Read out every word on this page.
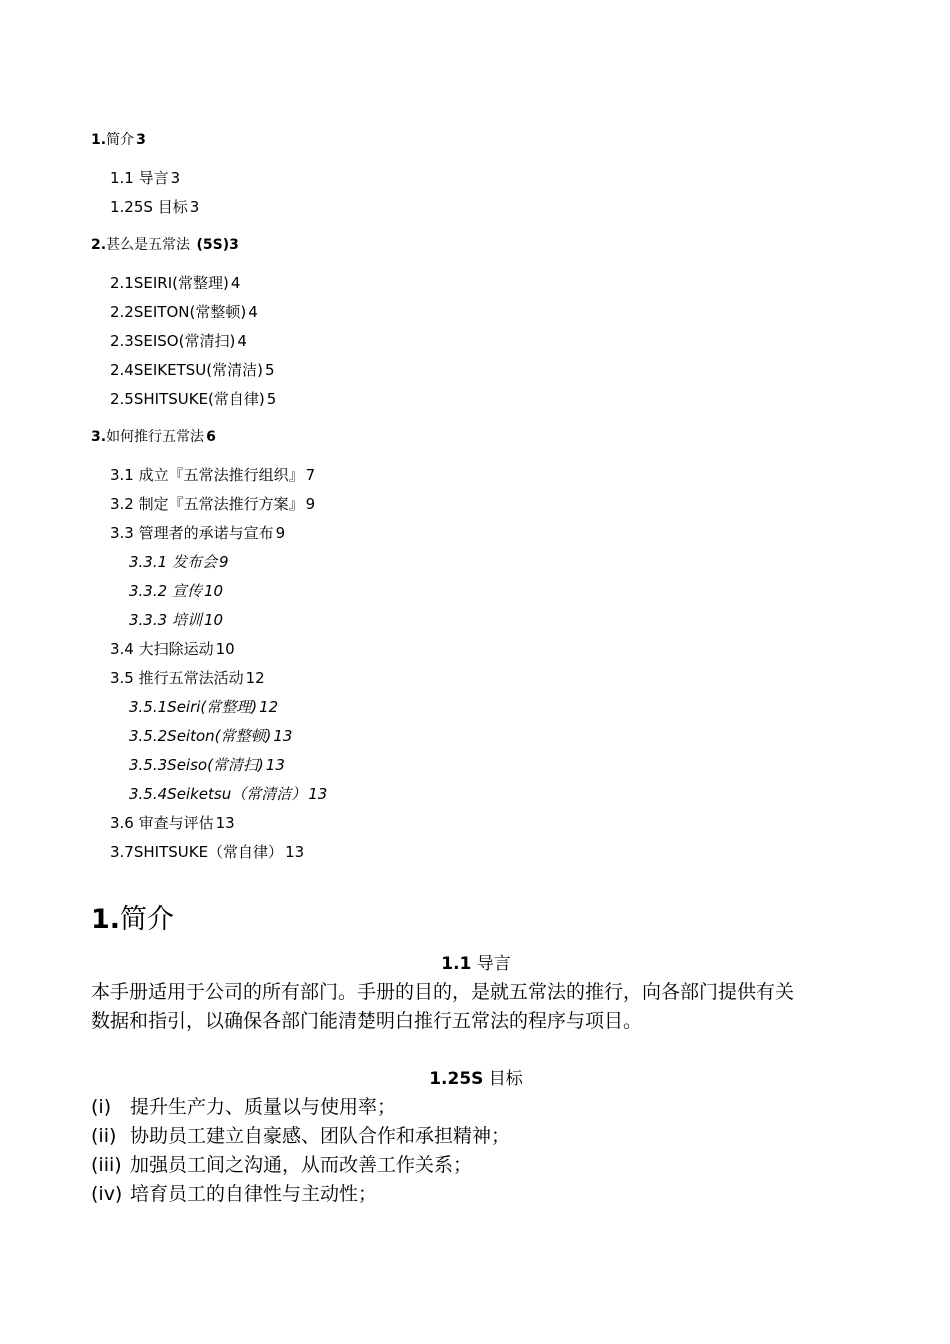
1.简介 3
1.1 导言 3
1.25S 目标 3
2.甚么是五常法 (5S)3
2.1SEIRI(常整理) 4
2.2SEITON(常整顿) 4
2.3SEISO(常清扫) 4
2.4SEIKETSU(常清洁) 5
2.5SHITSUKE(常自律) 5
3.如何推行五常法 6
3.1 成立『五常法推行组织』 7
3.2 制定『五常法推行方案』 9
3.3 管理者的承诺与宣布 9
3.3.1 发布会 9
3.3.2 宣传 10
3.3.3 培训 10
3.4 大扫除运动 10
3.5 推行五常法活动 12
3.5.1Seiri(常整理) 12
3.5.2Seiton(常整顿) 13
3.5.3Seiso(常清扫) 13
3.5.4Seiketsu（常清洁） 13
3.6 审查与评估 13
3.7SHITSUKE（常自律） 13
1.简介
1.1 导言
本手册适用于公司的所有部门。手册的目的，是就五常法的推行，向各部门提供有关
数据和指引，以确保各部门能清楚明白推行五常法的程序与项目。
1.25S 目标
(i) 提升生产力、质量以与使用率；
(ii) 协助员工建立自豪感、团队合作和承担精神；
(iii) 加强员工间之沟通，从而改善工作关系；
(iv) 培育员工的自律性与主动性；
